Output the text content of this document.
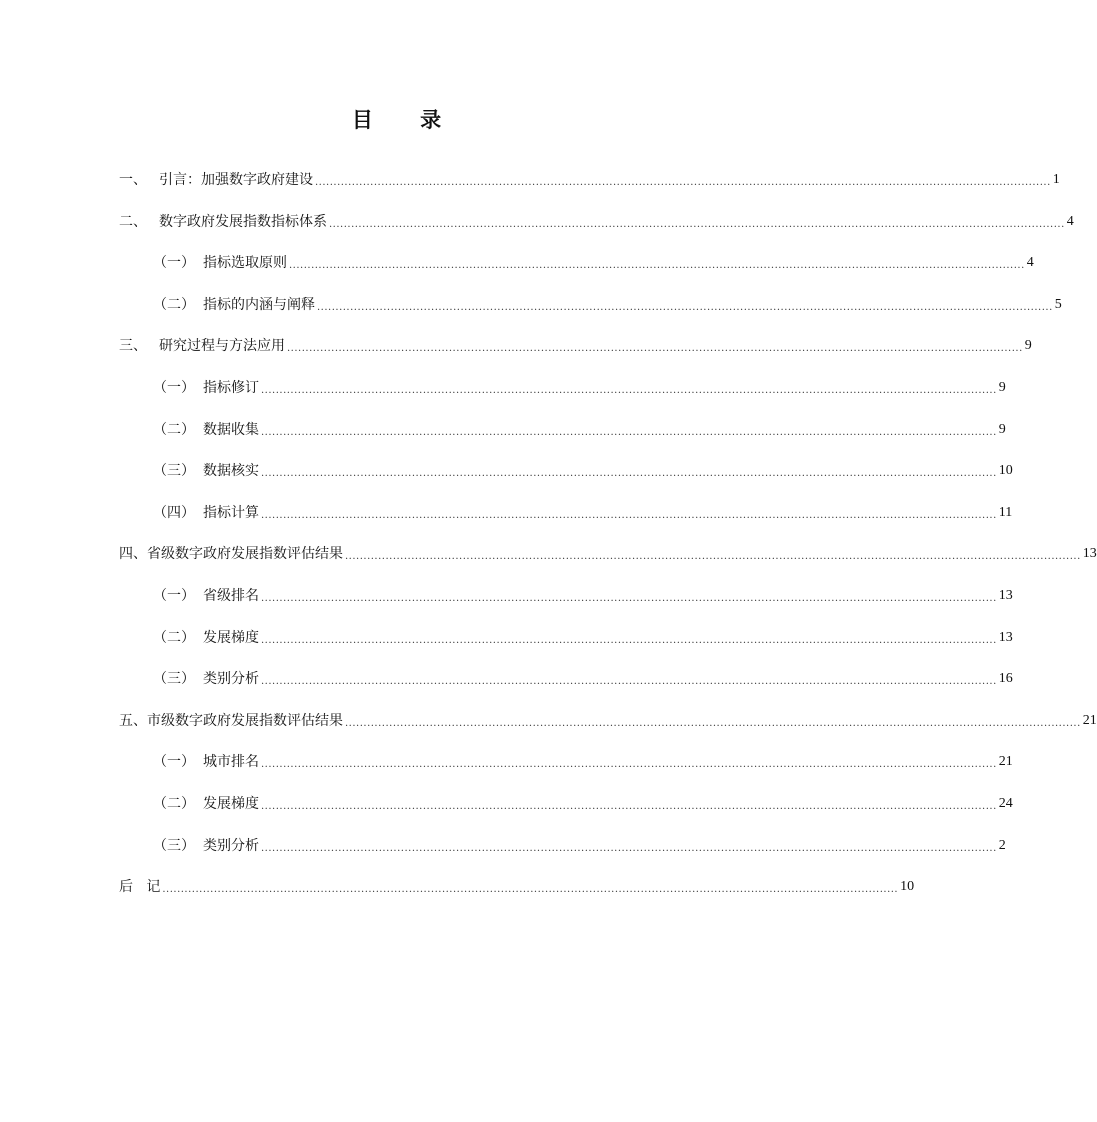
目 录
一、 引言：加强数字政府建设 ........................................................................................................................................................................................................ 1
二、 数字政府发展指数指标体系 ........................................................................................................................................................................................................ 4
（一） 指标选取原则 ........................................................................................................................................................................................................ 4
（二） 指标的内涵与阐释 ........................................................................................................................................................................................................ 5
三、 研究过程与方法应用 ........................................................................................................................................................................................................ 9
（一） 指标修订 ........................................................................................................................................................................................................ 9
（二） 数据收集 ........................................................................................................................................................................................................ 9
（三） 数据核实 ........................................................................................................................................................................................................ 10
（四） 指标计算 ........................................................................................................................................................................................................ 11
四、 省级数字政府发展指数评估结果 ........................................................................................................................................................................................................ 13
（一） 省级排名 ........................................................................................................................................................................................................ 13
（二） 发展梯度 ........................................................................................................................................................................................................ 13
（三） 类别分析 ........................................................................................................................................................................................................ 16
五、 市级数字政府发展指数评估结果 ........................................................................................................................................................................................................ 21
（一） 城市排名 ........................................................................................................................................................................................................ 21
（二） 发展梯度 ........................................................................................................................................................................................................ 24
（三） 类别分析 ........................................................................................................................................................................................................ 2
后   记 ........................................................................................................................................................................................................ 10
